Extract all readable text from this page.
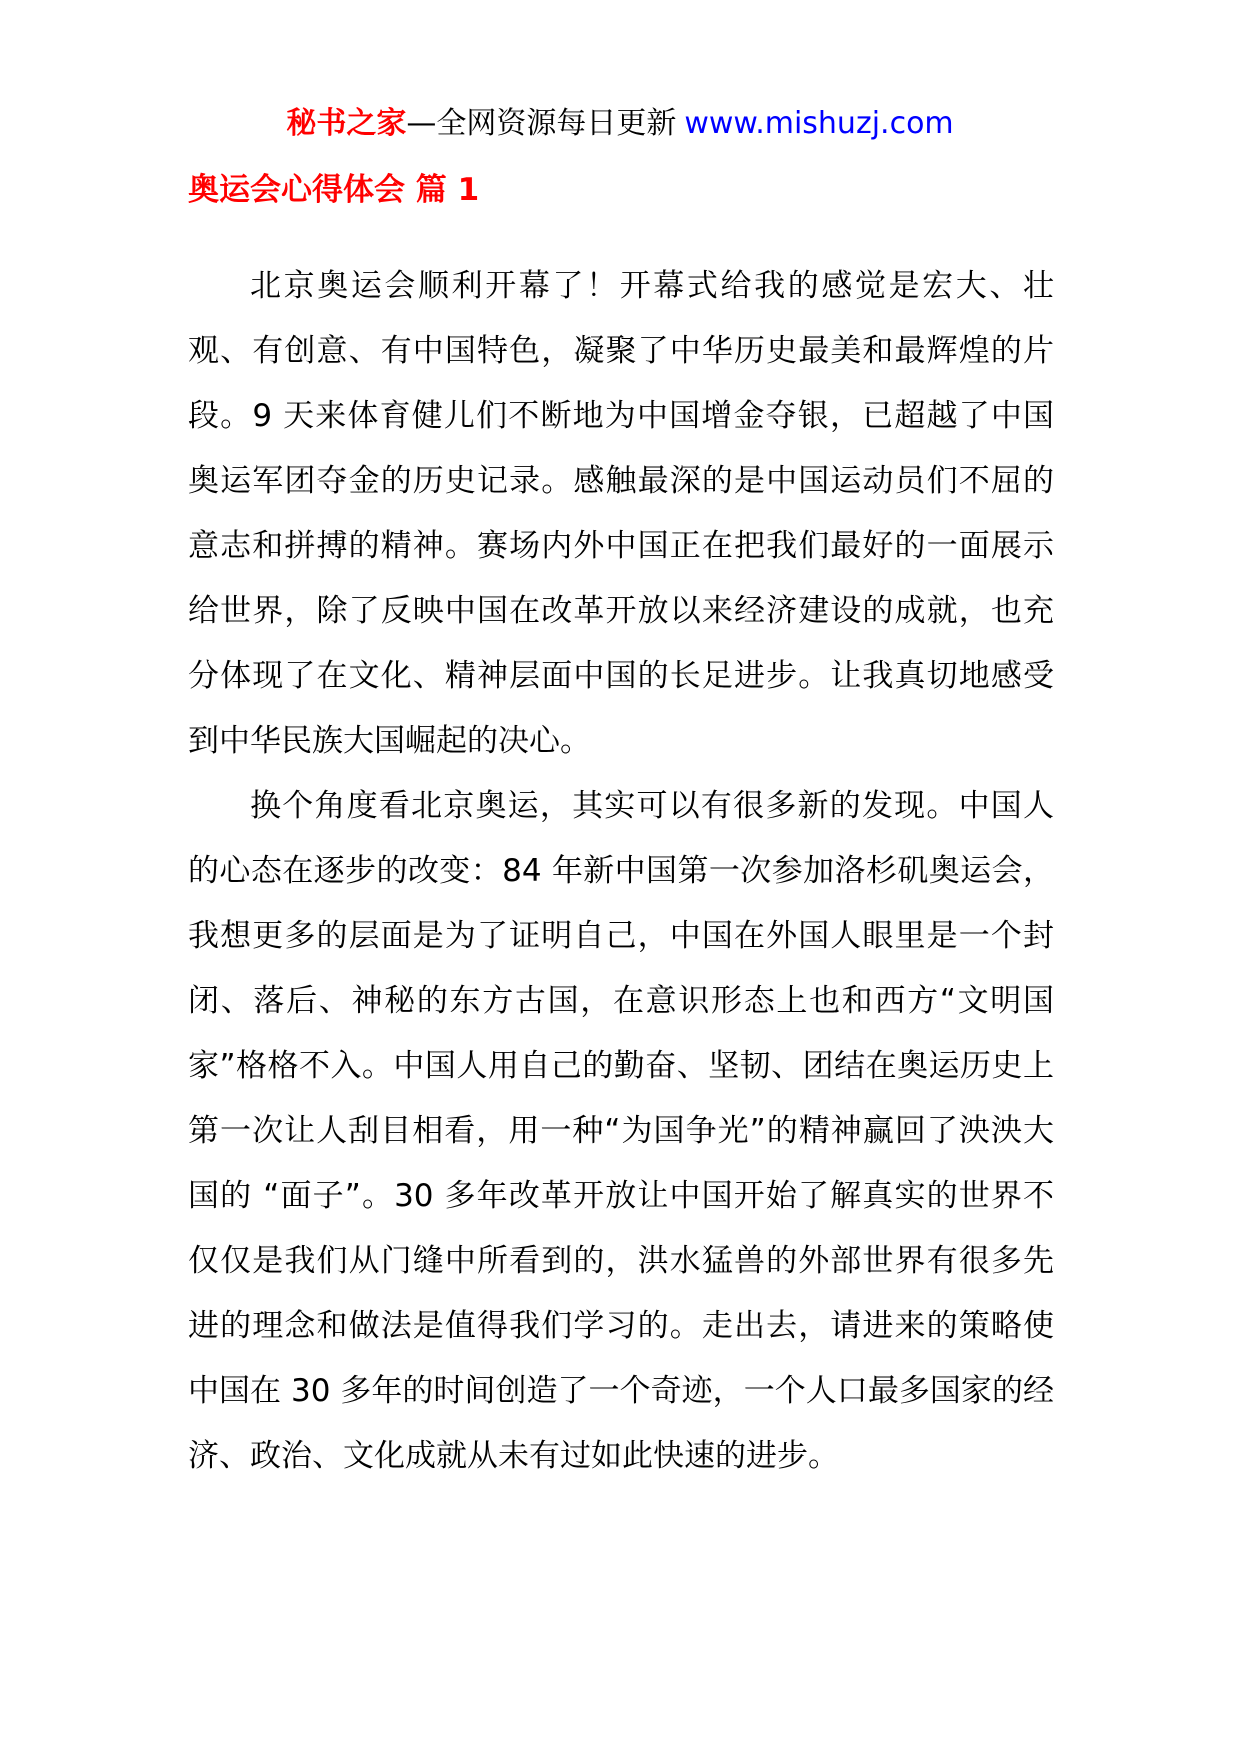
秘书之家—全网资源每日更新 www.mishuzj.com
奥运会心得体会 篇 1

北京奥运会顺利开幕了！开幕式给我的感觉是宏大、壮观、有创意、有中国特色，凝聚了中华历史最美和最辉煌的片段。9 天来体育健儿们不断地为中国增金夺银，已超越了中国奥运军团夺金的历史记录。感触最深的是中国运动员们不屈的意志和拼搏的精神。赛场内外中国正在把我们最好的一面展示给世界，除了反映中国在改革开放以来经济建设的成就，也充分体现了在文化、精神层面中国的长足进步。让我真切地感受到中华民族大国崛起的决心。

换个角度看北京奥运，其实可以有很多新的发现。中国人的心态在逐步的改变：84 年新中国第一次参加洛杉矶奥运会，我想更多的层面是为了证明自己，中国在外国人眼里是一个封闭、落后、神秘的东方古国，在意识形态上也和西方“文明国家”格格不入。中国人用自己的勤奋、坚韧、团结在奥运历史上第一次让人刮目相看，用一种“为国争光”的精神赢回了泱泱大国的 “面子”。30 多年改革开放让中国开始了解真实的世界不仅仅是我们从门缝中所看到的，洪水猛兽的外部世界有很多先进的理念和做法是值得我们学习的。走出去，请进来的策略使中国在 30 多年的时间创造了一个奇迹，一个人口最多国家的经济、政治、文化成就从未有过如此快速的进步。
